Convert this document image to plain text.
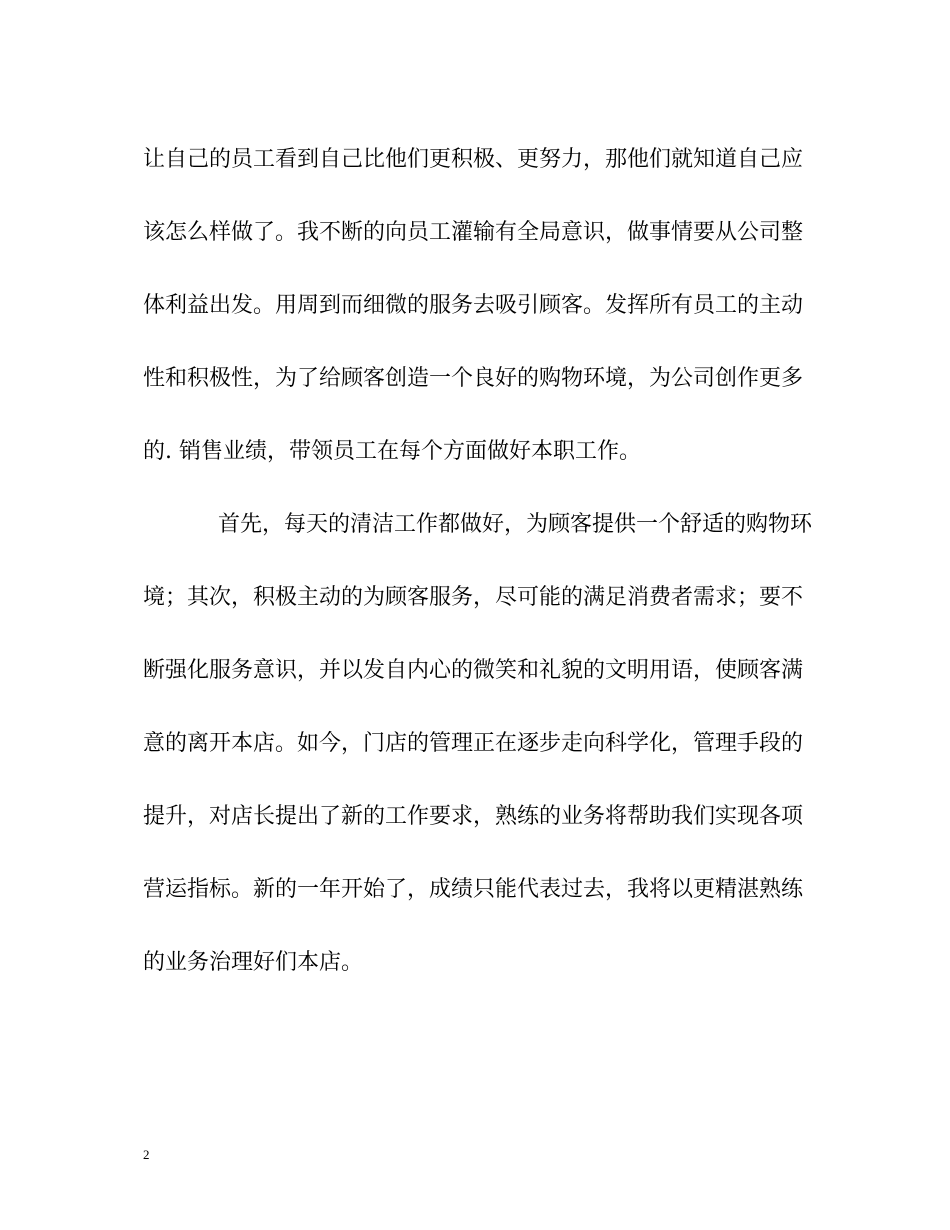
让自己的员工看到自己比他们更积极、更努力，那他们就知道自己应
该怎么样做了。我不断的向员工灌输有全局意识，做事情要从公司整
体利益出发。用周到而细微的服务去吸引顾客。发挥所有员工的主动
性和积极性，为了给顾客创造一个良好的购物环境，为公司创作更多
的. 销售业绩，带领员工在每个方面做好本职工作。
首先，每天的清洁工作都做好，为顾客提供一个舒适的购物环
境；其次，积极主动的为顾客服务，尽可能的满足消费者需求；要不
断强化服务意识，并以发自内心的微笑和礼貌的文明用语，使顾客满
意的离开本店。如今，门店的管理正在逐步走向科学化，管理手段的
提升，对店长提出了新的工作要求，熟练的业务将帮助我们实现各项
营运指标。新的一年开始了，成绩只能代表过去，我将以更精湛熟练
的业务治理好们本店。
2
